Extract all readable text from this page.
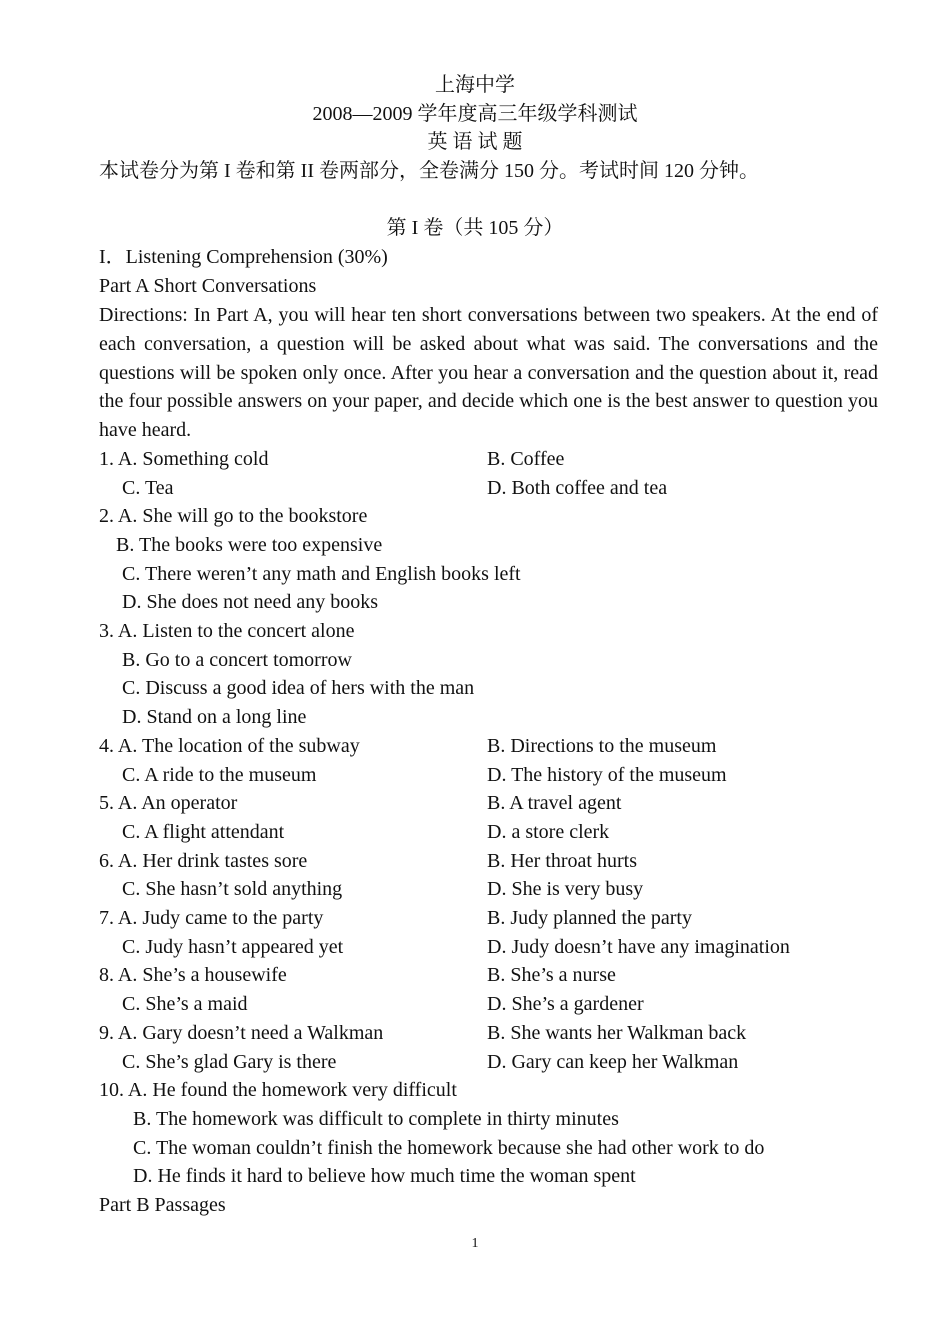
上海中学
2008—2009 学年度高三年级学科测试
英 语 试 题
本试卷分为第 I 卷和第 II 卷两部分，全卷满分 150 分。考试时间 120 分钟。
第 I 卷（共 105 分）
I．Listening Comprehension (30%)
Part A Short Conversations
Directions: In Part A, you will hear ten short conversations between two speakers. At the end of each conversation, a question will be asked about what was said. The conversations and the questions will be spoken only once. After you hear a conversation and the question about it, read the four possible answers on your paper, and decide which one is the best answer to question you have heard.
1. A. Something cold	B. Coffee
C. Tea	D. Both coffee and tea
2. A. She will go to the bookstore
B. The books were too expensive
C. There weren’t any math and English books left
D. She does not need any books
3. A. Listen to the concert alone
B. Go to a concert tomorrow
C. Discuss a good idea of hers with the man
D. Stand on a long line
4. A. The location of the subway	B. Directions to the museum
C. A ride to the museum	D. The history of the museum
5. A. An operator	B. A travel agent
C. A flight attendant	D. a store clerk
6. A. Her drink tastes sore	B. Her throat hurts
C. She hasn’t sold anything	D. She is very busy
7. A. Judy came to the party	B. Judy planned the party
C. Judy hasn’t appeared yet	D. Judy doesn’t have any imagination
8. A. She’s a housewife	B. She’s a nurse
C. She’s a maid	D. She’s a gardener
9. A. Gary doesn’t need a Walkman	B. She wants her Walkman back
C. She’s glad Gary is there	D. Gary can keep her Walkman
10. A. He found the homework very difficult
B. The homework was difficult to complete in thirty minutes
C. The woman couldn’t finish the homework because she had other work to do
D. He finds it hard to believe how much time the woman spent
Part B Passages
1
